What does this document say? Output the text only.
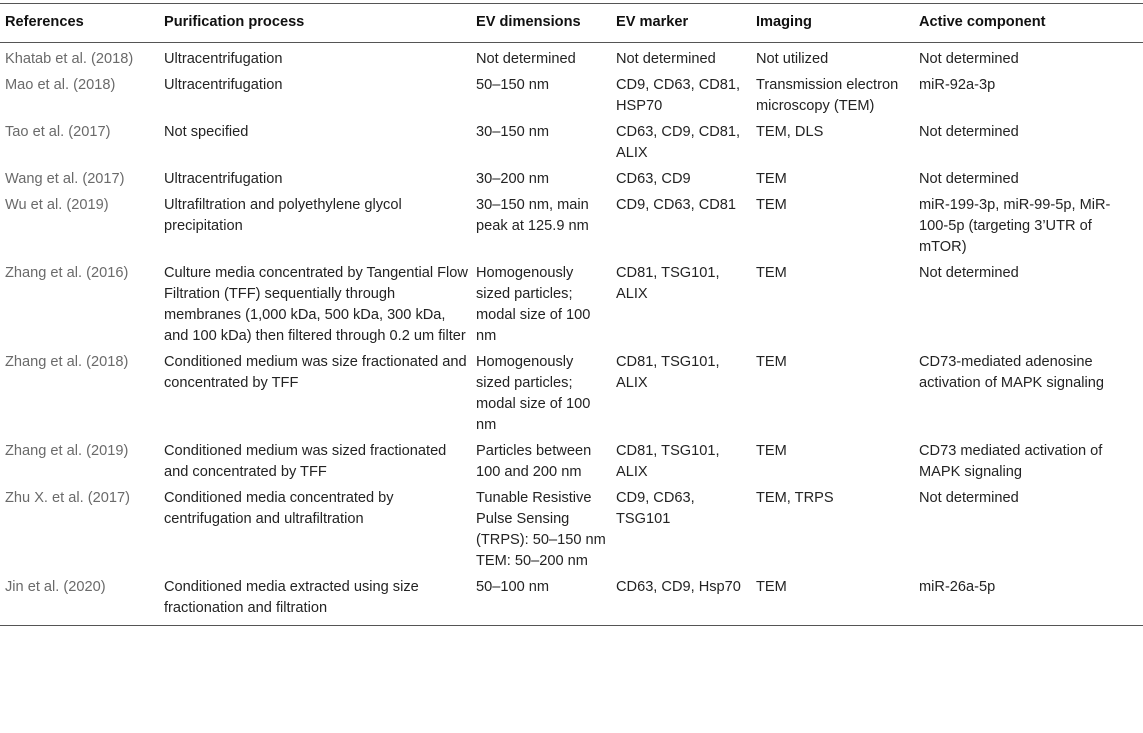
References	Purification process	EV dimensions	EV marker	Imaging	Active component
Khatab et al. (2018)	Ultracentrifugation	Not determined	Not determined	Not utilized	Not determined
Mao et al. (2018)	Ultracentrifugation	50–150 nm	CD9, CD63, CD81, HSP70	Transmission electron microscopy (TEM)	miR-92a-3p
Tao et al. (2017)	Not specified	30–150 nm	CD63, CD9, CD81, ALIX	TEM, DLS	Not determined
Wang et al. (2017)	Ultracentrifugation	30–200 nm	CD63, CD9	TEM	Not determined
Wu et al. (2019)	Ultrafiltration and polyethylene glycol precipitation	30–150 nm, main peak at 125.9 nm	CD9, CD63, CD81	TEM	miR-199-3p, miR-99-5p, MiR-100-5p (targeting 3’UTR of mTOR)
Zhang et al. (2016)	Culture media concentrated by Tangential Flow Filtration (TFF) sequentially through membranes (1,000 kDa, 500 kDa, 300 kDa, and 100 kDa) then filtered through 0.2 um filter	Homogenously sized particles; modal size of 100 nm	CD81, TSG101, ALIX	TEM	Not determined
Zhang et al. (2018)	Conditioned medium was size fractionated and concentrated by TFF	Homogenously sized particles; modal size of 100 nm	CD81, TSG101, ALIX	TEM	CD73-mediated adenosine activation of MAPK signaling
Zhang et al. (2019)	Conditioned medium was sized fractionated and concentrated by TFF	Particles between 100 and 200 nm	CD81, TSG101, ALIX	TEM	CD73 mediated activation of MAPK signaling
Zhu X. et al. (2017)	Conditioned media concentrated by centrifugation and ultrafiltration	Tunable Resistive Pulse Sensing (TRPS): 50–150 nm TEM: 50–200 nm	CD9, CD63, TSG101	TEM, TRPS	Not determined
Jin et al. (2020)	Conditioned media extracted using size fractionation and filtration	50–100 nm	CD63, CD9, Hsp70	TEM	miR-26a-5p
